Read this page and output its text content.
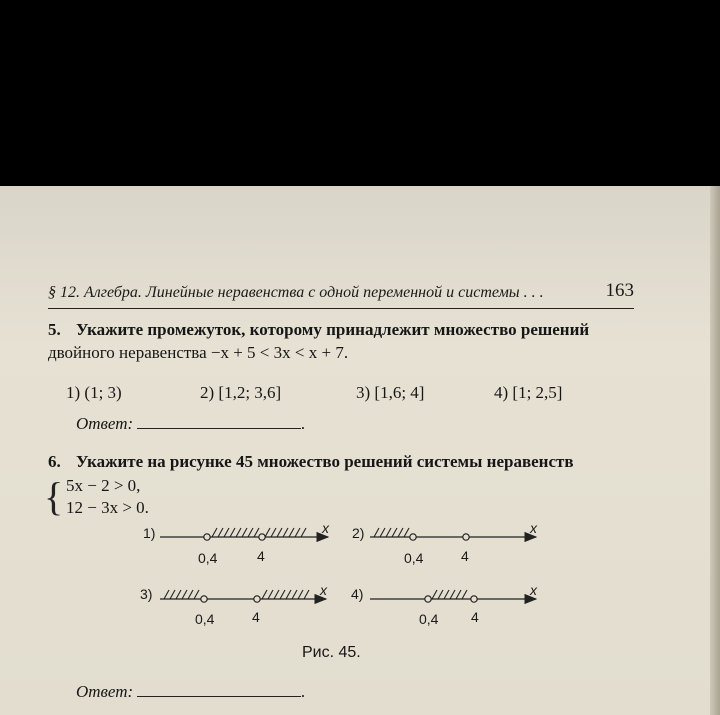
§ 12. Алгебра. Линейные неравенства с одной переменной и системы . . .	163
5. Укажите промежуток, которому принадлежит множество решений
двойного неравенства −x + 5 < 3x < x + 7.
1) (1; 3)	2) [1,2; 3,6]	3) [1,6; 4]	4) [1; 2,5]
Ответ:	.
6. Укажите на рисунке 45 множество решений системы неравенств
{ 5x − 2 > 0,
12 − 3x > 0.
1)	x
0,4	4
2)	x
0,4	4
3)	x
0,4	4
4)	x
0,4 4
Рис. 45.
Ответ:	.
